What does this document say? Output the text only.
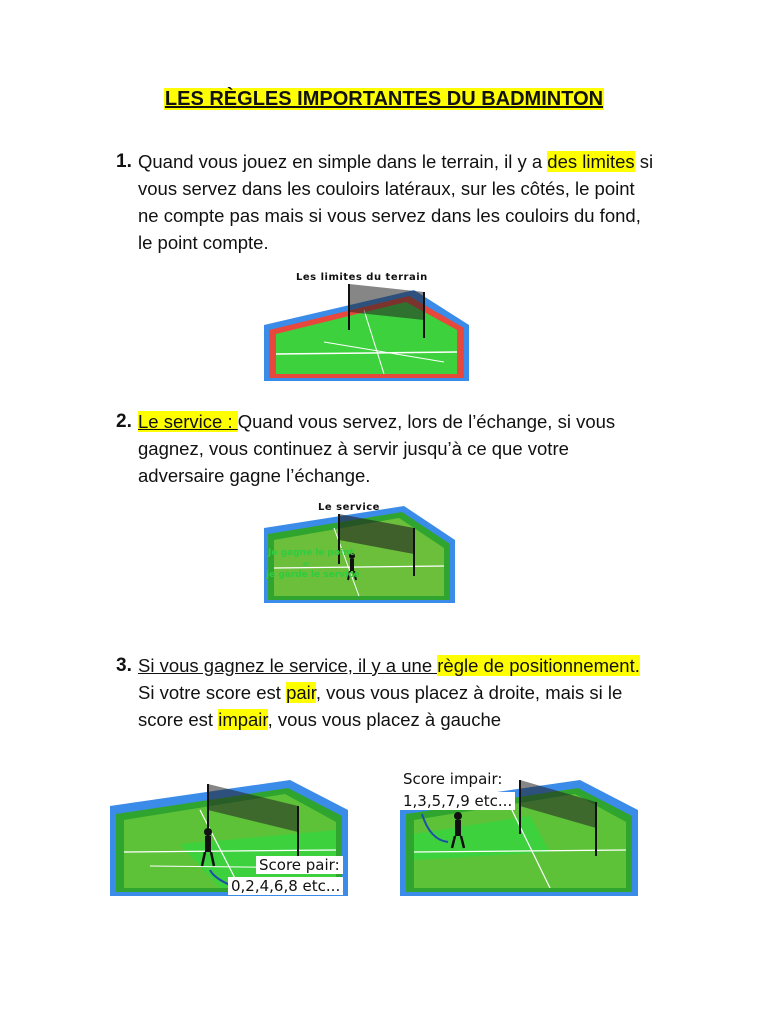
LES RÈGLES IMPORTANTES DU BADMINTON
1. Quand vous jouez en simple dans le terrain, il y a des limites si vous servez dans les couloirs latéraux, sur les côtés, le point ne compte pas mais si vous servez dans les couloirs du fond, le point compte.
Les limites du terrain
2. Le service : Quand vous servez, lors de l’échange, si vous gagnez, vous continuez à servir jusqu’à ce que votre adversaire gagne l’échange.
Le service
Je gagne le point
=
je garde le service
3. Si vous gagnez le service, il y a une règle de positionnement. Si votre score est pair, vous vous placez à droite, mais si le score est impair, vous vous placez à gauche
Score pair:
0,2,4,6,8 etc...
Score impair:
1,3,5,7,9 etc...
